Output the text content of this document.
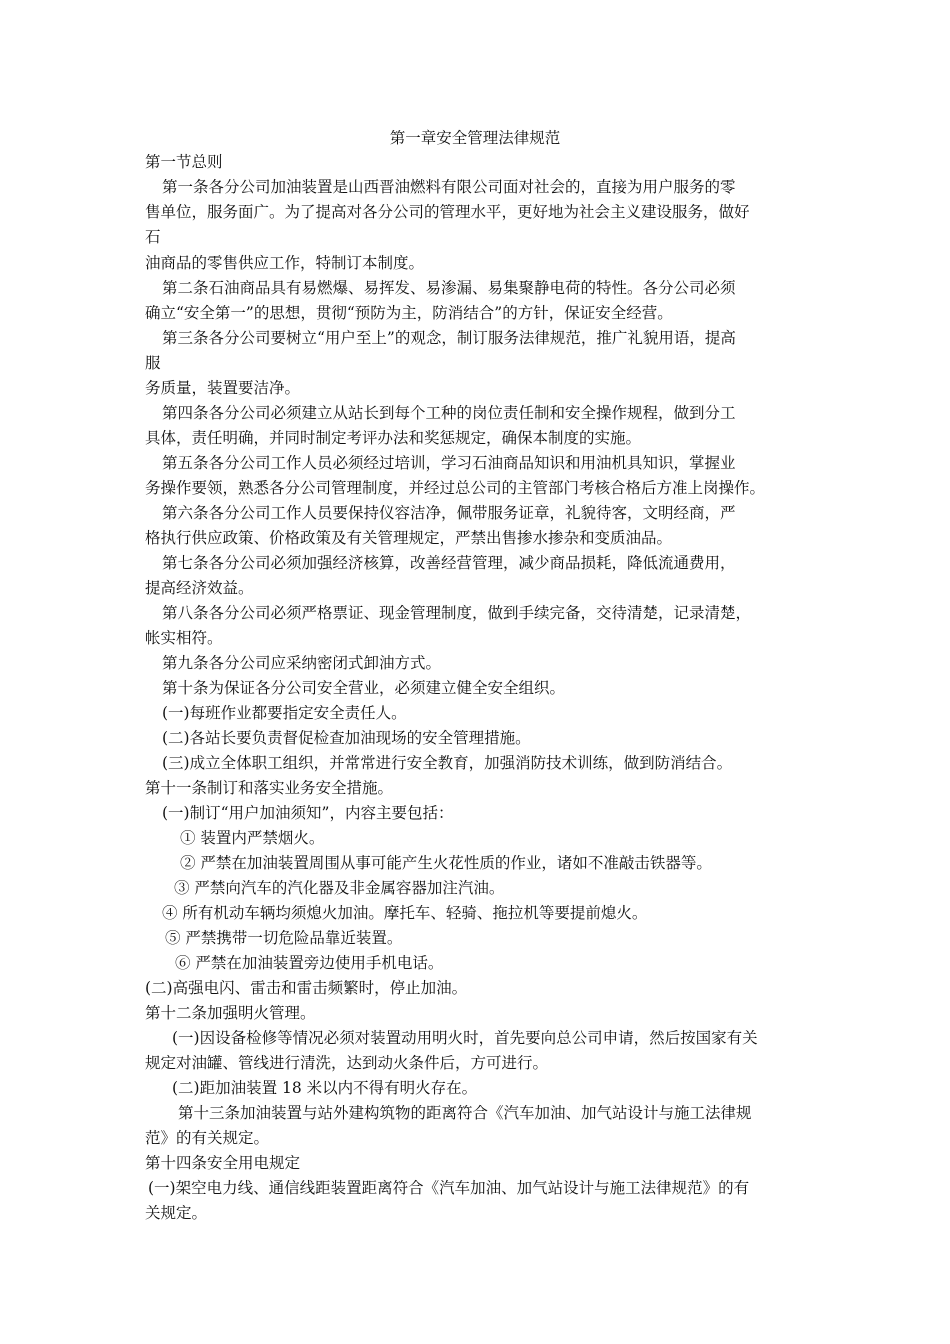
第一章安全管理法律规范
第一节总则
第一条各分公司加油装置是山西晋油燃料有限公司面对社会的，直接为用户服务的零
售单位，服务面广。为了提高对各分公司的管理水平，更好地为社会主义建设服务，做好
石
油商品的零售供应工作，特制订本制度。
第二条石油商品具有易燃爆、易挥发、易渗漏、易集聚静电荷的特性。各分公司必须
确立“安全第一”的思想，贯彻“预防为主，防消结合”的方针，保证安全经营。
第三条各分公司要树立“用户至上”的观念，制订服务法律规范，推广礼貌用语，提高
服
务质量，装置要洁净。
第四条各分公司必须建立从站长到每个工种的岗位责任制和安全操作规程，做到分工
具体，责任明确，并同时制定考评办法和奖惩规定，确保本制度的实施。
第五条各分公司工作人员必须经过培训，学习石油商品知识和用油机具知识，掌握业
务操作要领，熟悉各分公司管理制度，并经过总公司的主管部门考核合格后方准上岗操作。
第六条各分公司工作人员要保持仪容洁净，佩带服务证章，礼貌待客，文明经商，严
格执行供应政策、价格政策及有关管理规定，严禁出售掺水掺杂和变质油品。
第七条各分公司必须加强经济核算，改善经营管理，减少商品损耗，降低流通费用，
提高经济效益。
第八条各分公司必须严格票证、现金管理制度，做到手续完备，交待清楚，记录清楚，
帐实相符。
第九条各分公司应采纳密闭式卸油方式。
第十条为保证各分公司安全营业，必须建立健全安全组织。
(一)每班作业都要指定安全责任人。
(二)各站长要负责督促检查加油现场的安全管理措施。
(三)成立全体职工组织，并常常进行安全教育，加强消防技术训练，做到防消结合。
第十一条制订和落实业务安全措施。
(一)制订“用户加油须知”，内容主要包括：
① 装置内严禁烟火。
② 严禁在加油装置周围从事可能产生火花性质的作业，诸如不准敲击铁器等。
③ 严禁向汽车的汽化器及非金属容器加注汽油。
④ 所有机动车辆均须熄火加油。摩托车、轻骑、拖拉机等要提前熄火。
⑤ 严禁携带一切危险品靠近装置。
⑥ 严禁在加油装置旁边使用手机电话。
(二)高强电闪、雷击和雷击频繁时，停止加油。
第十二条加强明火管理。
(一)因设备检修等情况必须对装置动用明火时，首先要向总公司申请，然后按国家有关
规定对油罐、管线进行清洗，达到动火条件后，方可进行。
(二)距加油装置 18 米以内不得有明火存在。
第十三条加油装置与站外建构筑物的距离符合《汽车加油、加气站设计与施工法律规
范》的有关规定。
第十四条安全用电规定
(一)架空电力线、通信线距装置距离符合《汽车加油、加气站设计与施工法律规范》的有
关规定。
